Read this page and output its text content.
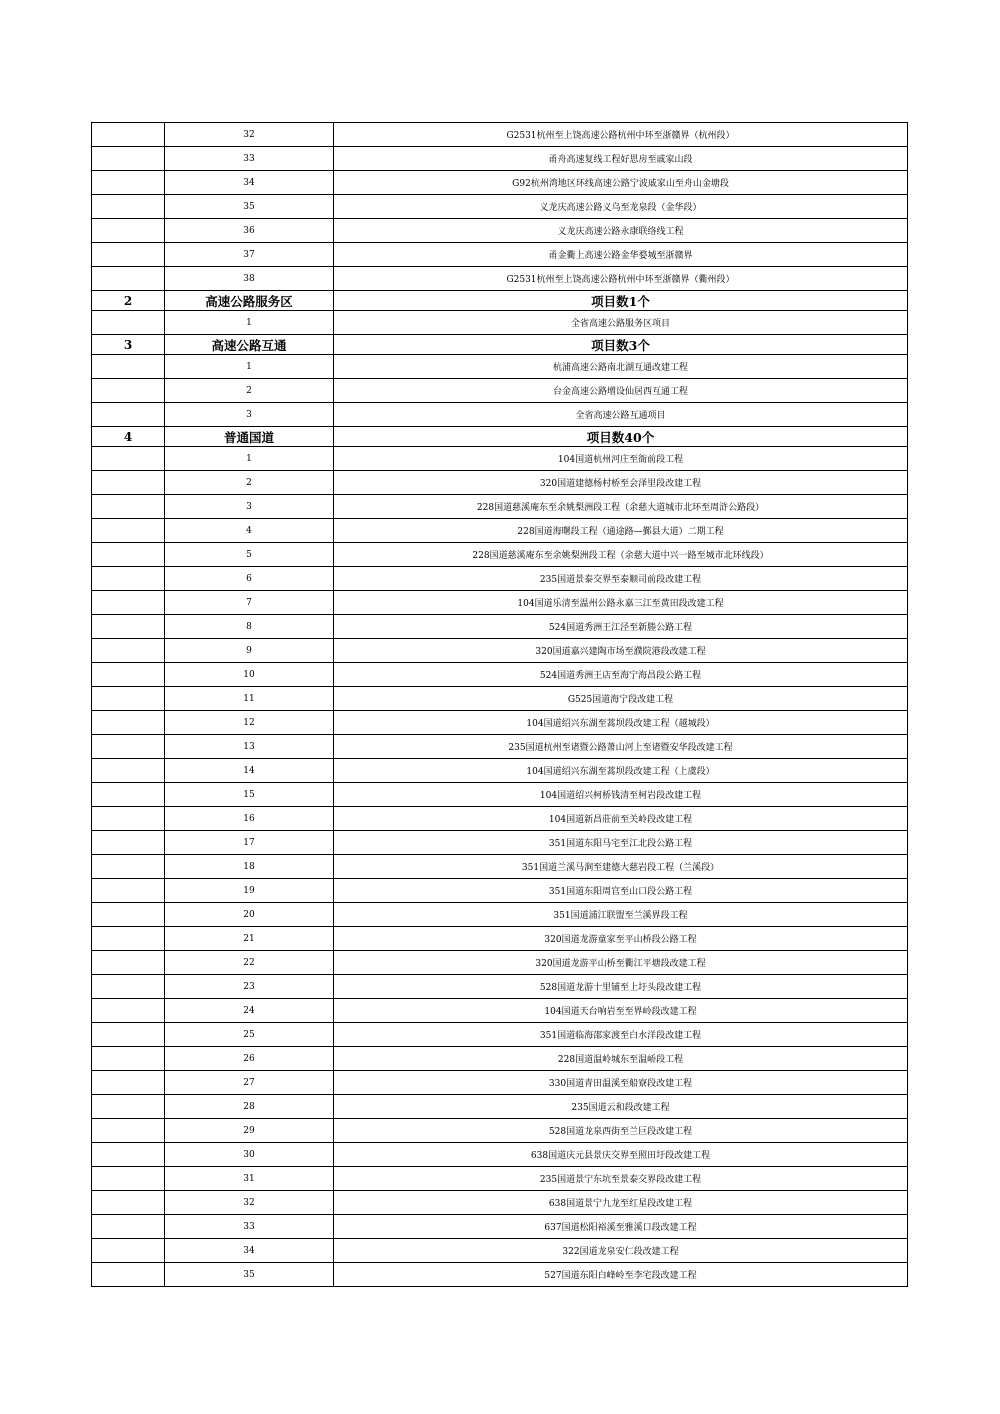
	32	G2531杭州至上饶高速公路杭州中环至浙赣界（杭州段）
	33	甬舟高速复线工程好思房至戚家山段
	34	G92杭州湾地区环线高速公路宁波戚家山至舟山金塘段
	35	义龙庆高速公路义乌至龙泉段（金华段）
	36	义龙庆高速公路永康联络线工程
	37	甬金衢上高速公路金华婺城至浙赣界
	38	G2531杭州至上饶高速公路杭州中环至浙赣界（衢州段）
2	高速公路服务区	项目数1个
	1	全省高速公路服务区项目
3	高速公路互通	项目数3个
	1	杭浦高速公路南北湖互通改建工程
	2	台金高速公路增设仙居西互通工程
	3	全省高速公路互通项目
4	普通国道	项目数40个
	1	104国道杭州河庄至衙前段工程
	2	320国道建德杨村桥至会泽里段改建工程
	3	228国道慈溪庵东至余姚梨洲段工程（余慈大道城市北环至周浒公路段）
	4	228国道海曙段工程（通途路—鄞县大道）二期工程
	5	228国道慈溪庵东至余姚梨洲段工程（余慈大道中兴一路至城市北环线段）
	6	235国道景泰交界至泰顺司前段改建工程
	7	104国道乐清至温州公路永嘉三江至黄田段改建工程
	8	524国道秀洲王江泾至新塍公路工程
	9	320国道嘉兴建陶市场至濮院港段改建工程
	10	524国道秀洲王店至海宁海昌段公路工程
	11	G525国道海宁段改建工程
	12	104国道绍兴东湖至蒿坝段改建工程（越城段）
	13	235国道杭州至诸暨公路萧山河上至诸暨安华段改建工程
	14	104国道绍兴东湖至蒿坝段改建工程（上虞段）
	15	104国道绍兴柯桥钱清至柯岩段改建工程
	16	104国道新昌莊前至关岭段改建工程
	17	351国道东阳马宅至江北段公路工程
	18	351国道兰溪马涧至建德大慈岩段工程（兰溪段）
	19	351国道东阳周官至山口段公路工程
	20	351国道浦江联盟至兰溪界段工程
	21	320国道龙游童家至平山桥段公路工程
	22	320国道龙游平山桥至衢江平塘段改建工程
	23	528国道龙游十里铺至上圩头段改建工程
	24	104国道天台响岩至至界岭段改建工程
	25	351国道临海邵家渡至白水洋段改建工程
	26	228国道温岭城东至温峤段工程
	27	330国道青田温溪至船寮段改建工程
	28	235国道云和段改建工程
	29	528国道龙泉西街至兰巨段改建工程
	30	638国道庆元县景庆交界至照田圩段改建工程
	31	235国道景宁东坑至景泰交界段改建工程
	32	638国道景宁九龙至红星段改建工程
	33	637国道松阳裕溪至雅溪口段改建工程
	34	322国道龙泉安仁段改建工程
	35	527国道东阳白峰岭至李宅段改建工程
